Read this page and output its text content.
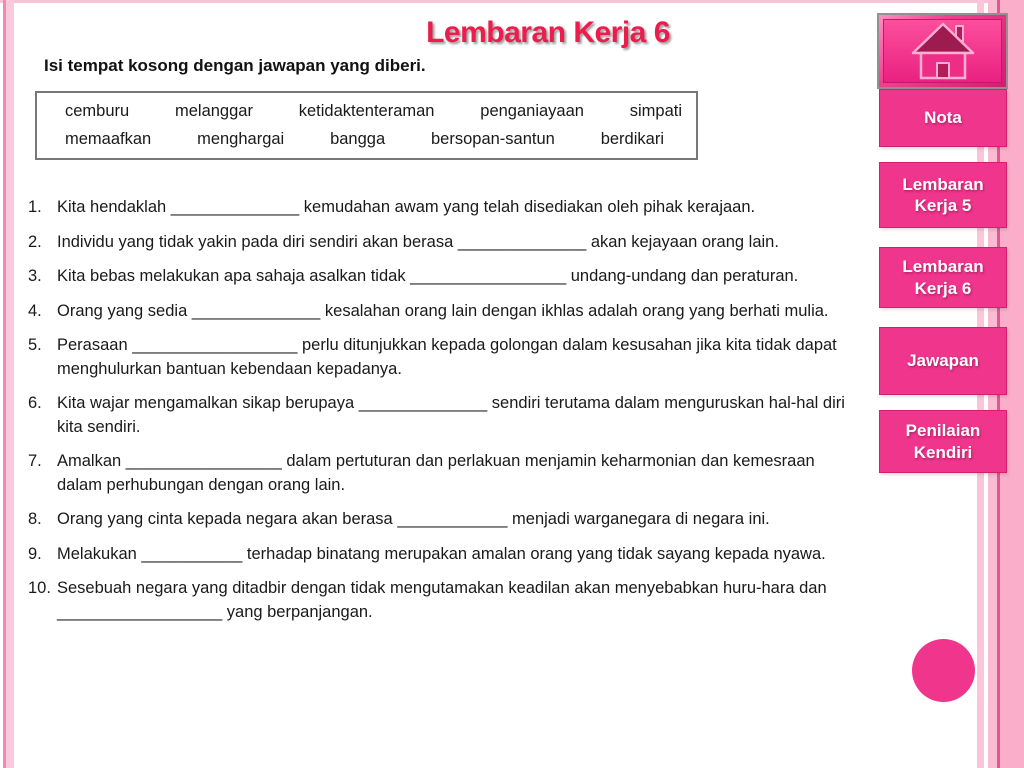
Lembaran Kerja 6
Isi tempat kosong dengan jawapan yang diberi.
cemburu	melanggar	ketidaktenteraman	penganiayaan	simpati
memaafkan	menghargai	bangga	bersopan-santun	berdikari
1. Kita hendaklah ______________ kemudahan awam yang telah disediakan oleh pihak kerajaan.
2. Individu yang tidak yakin pada diri sendiri akan berasa ______________ akan kejayaan orang lain.
3. Kita bebas melakukan apa sahaja asalkan tidak _________________ undang-undang dan peraturan.
4. Orang yang sedia ______________ kesalahan orang lain dengan ikhlas adalah orang yang berhati mulia.
5. Perasaan __________________ perlu ditunjukkan kepada golongan dalam kesusahan jika kita tidak dapat menghulurkan bantuan kebendaan kepadanya.
6. Kita wajar mengamalkan sikap berupaya ______________ sendiri terutama dalam menguruskan hal-hal diri kita sendiri.
7. Amalkan _________________ dalam pertuturan dan perlakuan menjamin keharmonian dan kemesraan dalam perhubungan dengan orang lain.
8. Orang yang cinta kepada negara akan berasa ____________ menjadi warganegara di negara ini.
9. Melakukan ___________ terhadap binatang merupakan amalan orang yang tidak sayang kepada nyawa.
10. Sesebuah negara yang ditadbir dengan tidak mengutamakan keadilan akan menyebabkan huru-hara dan __________________ yang berpanjangan.
Nota
Lembaran Kerja 5
Lembaran Kerja 6
Jawapan
Penilaian Kendiri
